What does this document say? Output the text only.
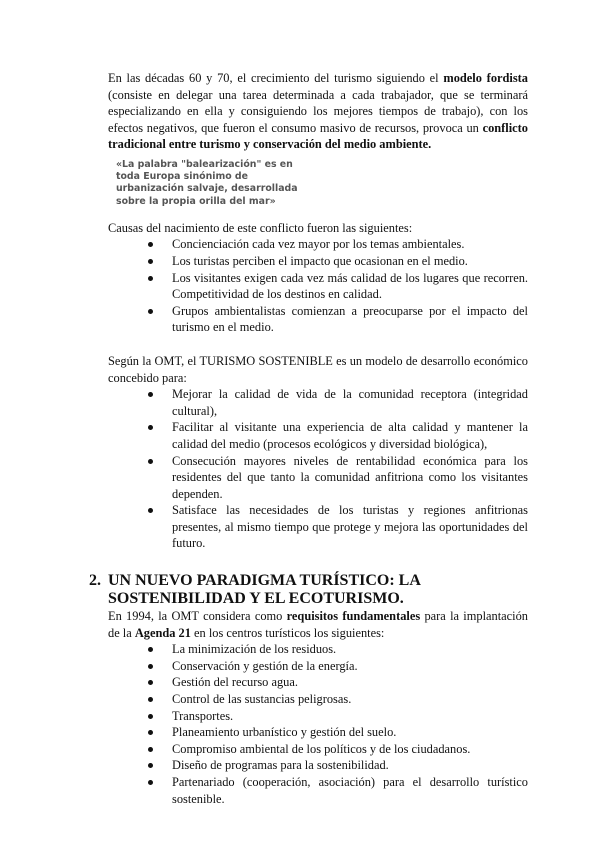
En las décadas 60 y 70, el crecimiento del turismo siguiendo el modelo fordista (consiste en delegar una tarea determinada a cada trabajador, que se terminará especializando en ella y consiguiendo los mejores tiempos de trabajo), con los efectos negativos, que fueron el consumo masivo de recursos, provoca un conflicto tradicional entre turismo y conservación del medio ambiente.

«La palabra "balearización" es en toda Europa sinónimo de urbanización salvaje, desarrollada sobre la propia orilla del mar»

Causas del nacimiento de este conflicto fueron las siguientes:

Concienciación cada vez mayor por los temas ambientales.
Los turistas perciben el impacto que ocasionan en el medio.
Los visitantes exigen cada vez más calidad de los lugares que recorren. Competitividad de los destinos en calidad.
Grupos ambientalistas comienzan a preocuparse por el impacto del turismo en el medio.

Según la OMT, el TURISMO SOSTENIBLE es un modelo de desarrollo económico concebido para:

Mejorar la calidad de vida de la comunidad receptora (integridad cultural),
Facilitar al visitante una experiencia de alta calidad y mantener la calidad del medio (procesos ecológicos y diversidad biológica),
Consecución mayores niveles de rentabilidad económica para los residentes del que tanto la comunidad anfitriona como los visitantes dependen.
Satisface las necesidades de los turistas y regiones anfitrionas presentes, al mismo tiempo que protege y mejora las oportunidades del futuro.
2. UN NUEVO PARADIGMA TURÍSTICO: LA SOSTENIBILIDAD Y EL ECOTURISMO.

En 1994, la OMT considera como requisitos fundamentales para la implantación de la Agenda 21 en los centros turísticos los siguientes:

La minimización de los residuos.
Conservación y gestión de la energía.
Gestión del recurso agua.
Control de las sustancias peligrosas.
Transportes.
Planeamiento urbanístico y gestión del suelo.
Compromiso ambiental de los políticos y de los ciudadanos.
Diseño de programas para la sostenibilidad.
Partenariado (cooperación, asociación) para el desarrollo turístico sostenible.
